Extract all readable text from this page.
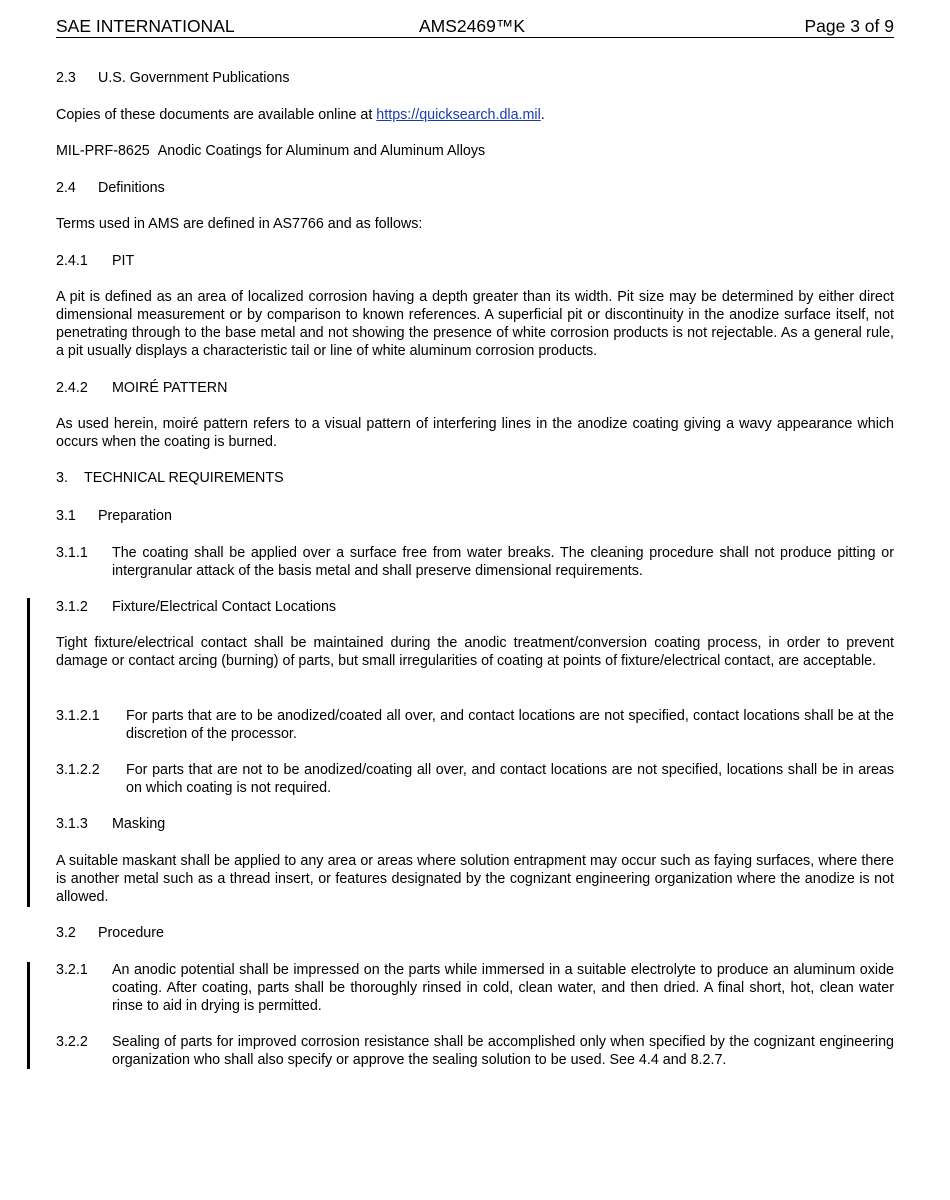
SAE INTERNATIONAL	AMS2469™K	Page 3 of 9
2.3 U.S. Government Publications
Copies of these documents are available online at https://quicksearch.dla.mil.
MIL-PRF-8625 Anodic Coatings for Aluminum and Aluminum Alloys
2.4 Definitions
Terms used in AMS are defined in AS7766 and as follows:
2.4.1 PIT
A pit is defined as an area of localized corrosion having a depth greater than its width. Pit size may be determined by either direct dimensional measurement or by comparison to known references. A superficial pit or discontinuity in the anodize surface itself, not penetrating through to the base metal and not showing the presence of white corrosion products is not rejectable. As a general rule, a pit usually displays a characteristic tail or line of white aluminum corrosion products.
2.4.2 MOIRÉ PATTERN
As used herein, moiré pattern refers to a visual pattern of interfering lines in the anodize coating giving a wavy appearance which occurs when the coating is burned.
3. TECHNICAL REQUIREMENTS
3.1 Preparation
3.1.1 The coating shall be applied over a surface free from water breaks. The cleaning procedure shall not produce pitting or intergranular attack of the basis metal and shall preserve dimensional requirements.
3.1.2 Fixture/Electrical Contact Locations
Tight fixture/electrical contact shall be maintained during the anodic treatment/conversion coating process, in order to prevent damage or contact arcing (burning) of parts, but small irregularities of coating at points of fixture/electrical contact, are acceptable.
3.1.2.1 For parts that are to be anodized/coated all over, and contact locations are not specified, contact locations shall be at the discretion of the processor.
3.1.2.2 For parts that are not to be anodized/coating all over, and contact locations are not specified, locations shall be in areas on which coating is not required.
3.1.3 Masking
A suitable maskant shall be applied to any area or areas where solution entrapment may occur such as faying surfaces, where there is another metal such as a thread insert, or features designated by the cognizant engineering organization where the anodize is not allowed.
3.2 Procedure
3.2.1 An anodic potential shall be impressed on the parts while immersed in a suitable electrolyte to produce an aluminum oxide coating. After coating, parts shall be thoroughly rinsed in cold, clean water, and then dried. A final short, hot, clean water rinse to aid in drying is permitted.
3.2.2 Sealing of parts for improved corrosion resistance shall be accomplished only when specified by the cognizant engineering organization who shall also specify or approve the sealing solution to be used. See 4.4 and 8.2.7.
